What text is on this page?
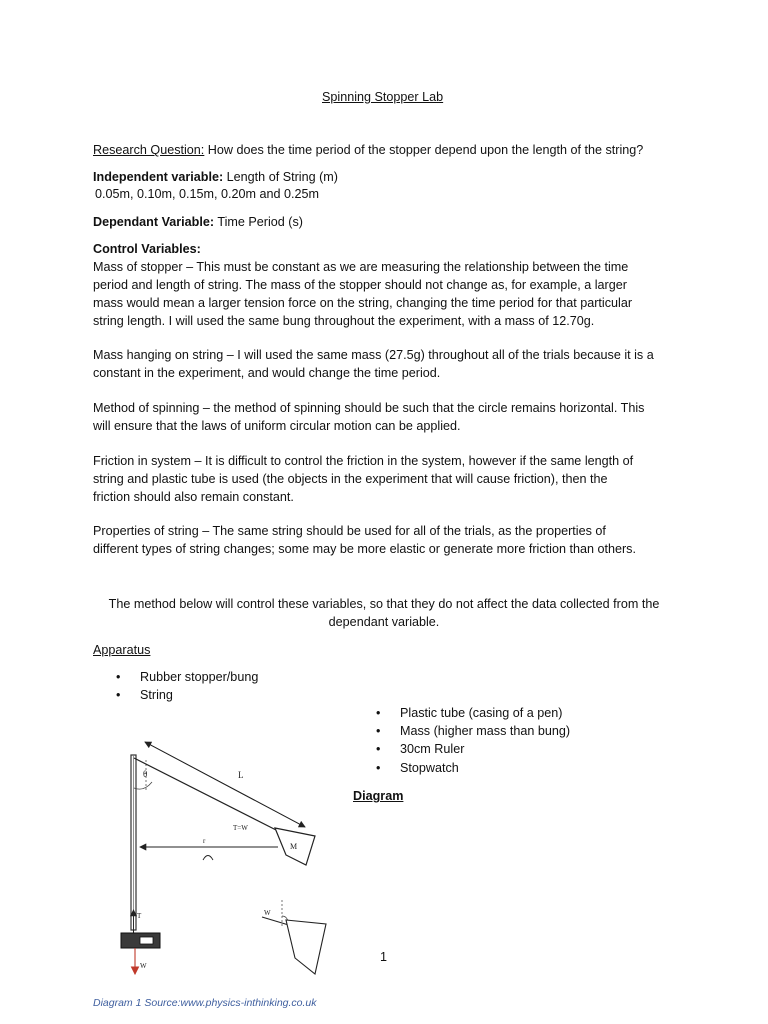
Spinning Stopper Lab
Research Question: How does the time period of the stopper depend upon the length of the string?
Independent variable: Length of String (m)
0.05m, 0.10m, 0.15m, 0.20m and 0.25m
Dependant Variable: Time Period (s)
Control Variables:
Mass of stopper – This must be constant as we are measuring the relationship between the time
period and length of string. The mass of the stopper should not change as, for example, a larger
mass would mean a larger tension force on the string, changing the time period for that particular
string length. I will used the same bung throughout the experiment, with a mass of 12.70g.
Mass hanging on string – I will used the same mass (27.5g) throughout all of the trials because it is a
constant in the experiment, and would change the time period.
Method of spinning – the method of spinning should be such that the circle remains horizontal. This
will ensure that the laws of uniform circular motion can be applied.
Friction in system – It is difficult to control the friction in the system, however if the same length of
string and plastic tube is used (the objects in the experiment that will cause friction), then the
friction should also remain constant.
Properties of string – The same string should be used for all of the trials, as the properties of
different types of string changes; some may be more elastic or generate more friction than others.
The method below will control these variables, so that they do not affect the data collected from the
dependant variable.
Apparatus
• Rubber stopper/bung
• String
• Plastic tube (casing of a pen)
• Mass (higher mass than bung)
• 30cm Ruler
• Stopwatch
Diagram
θ	L
T=W
M
r
T
W
W
1
Diagram 1 Source:www.physics-inthinking.co.uk
